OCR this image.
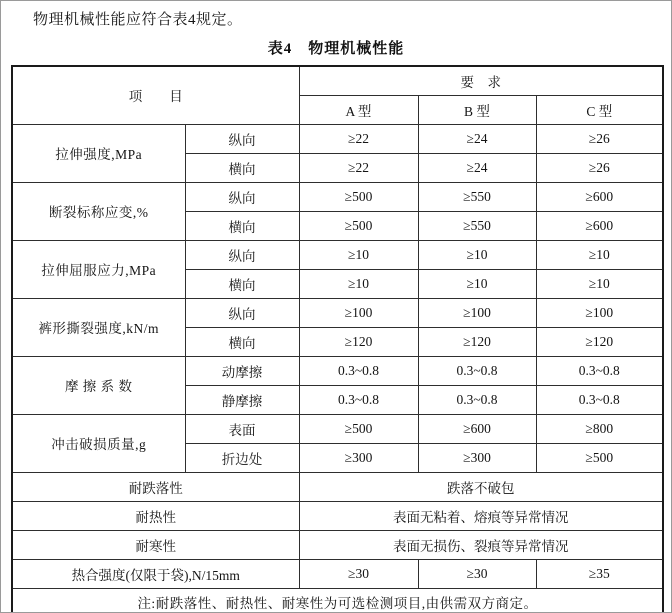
物理机械性能应符合表4规定。

表4　物理机械性能
项　　目		要　求		
		A 型	B 型	C 型
拉伸强度,MPa	纵向	≥22	≥24	≥26
	横向	≥22	≥24	≥26
断裂标称应变,%	纵向	≥500	≥550	≥600
	横向	≥500	≥550	≥600
拉伸屈服应力,MPa	纵向	≥10	≥10	≥10
	横向	≥10	≥10	≥10
裤形撕裂强度,kN/m	纵向	≥100	≥100	≥100
	横向	≥120	≥120	≥120
摩 擦 系 数	动摩擦	0.3~0.8	0.3~0.8	0.3~0.8
	静摩擦	0.3~0.8	0.3~0.8	0.3~0.8
冲击破损质量,g	表面	≥500	≥600	≥800
	折边处	≥300	≥300	≥500
耐跌落性		跌落不破包		
耐热性		表面无粘着、熔痕等异常情况		
耐寒性		表面无损伤、裂痕等异常情况		
热合强度(仅限于袋),N/15mm		≥30	≥30	≥35
注:耐跌落性、耐热性、耐寒性为可选检测项目,由供需双方商定。				
